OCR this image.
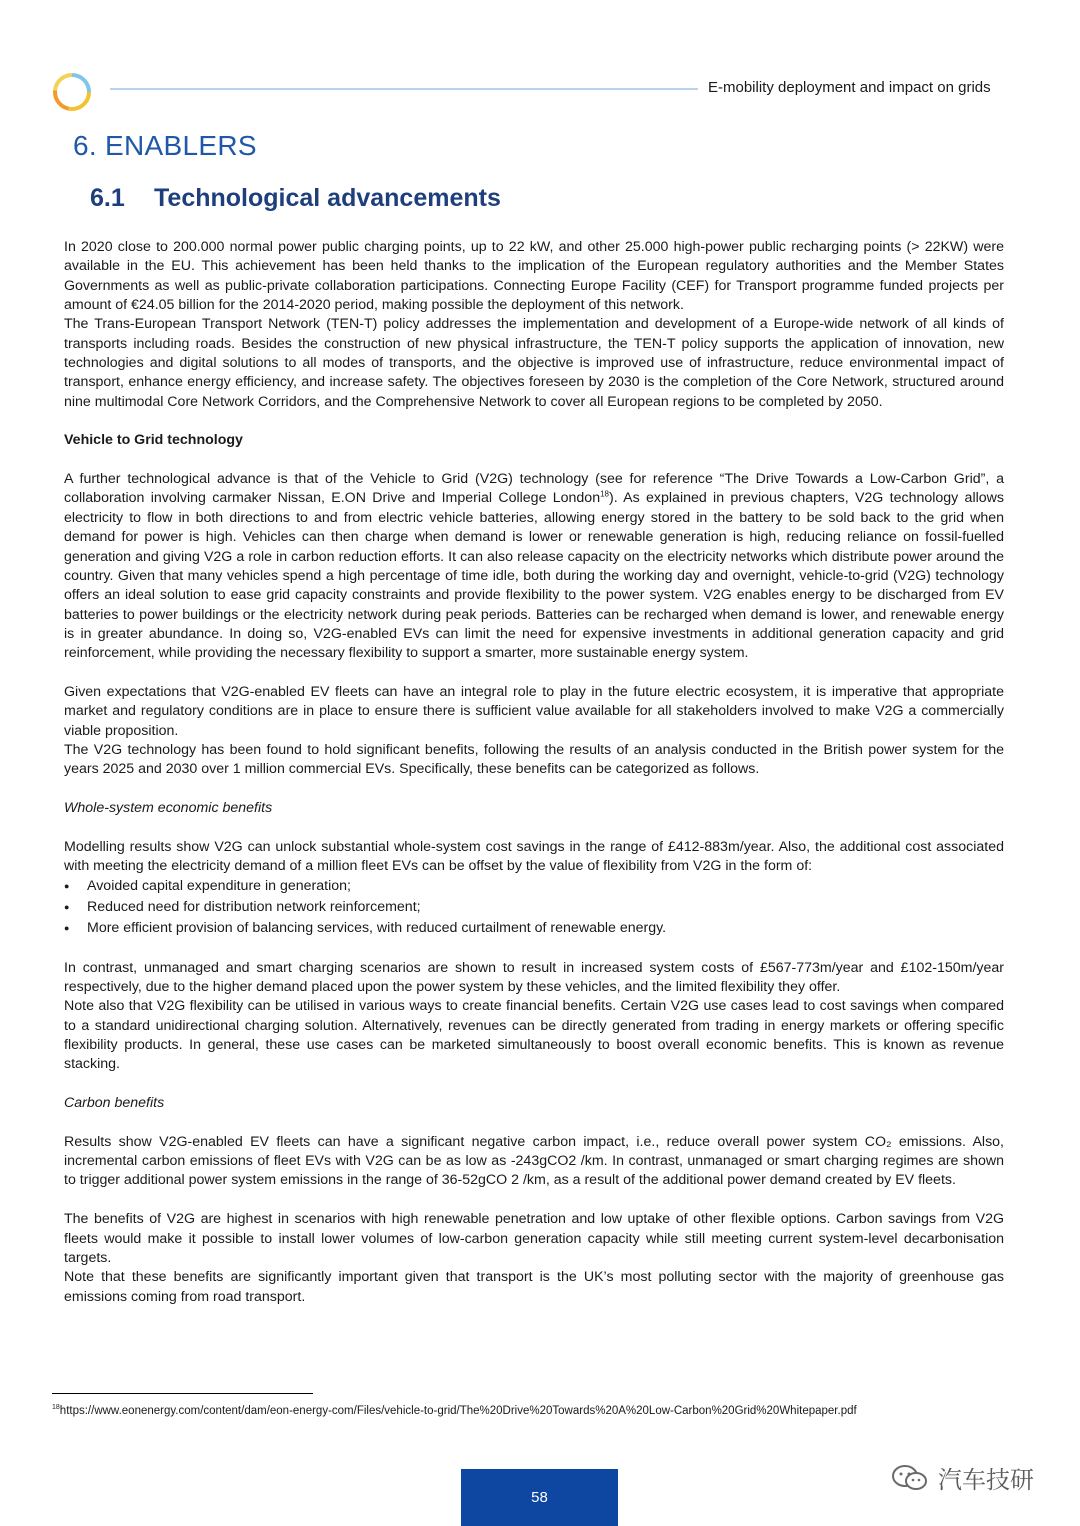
E-mobility deployment and impact on grids
6. ENABLERS
6.1 Technological advancements

In 2020 close to 200.000 normal power public charging points, up to 22 kW, and other 25.000 high-power public recharging points (> 22KW) were available in the EU. This achievement has been held thanks to the implication of the European regulatory authorities and the Member States Governments as well as public-private collaboration participations. Connecting Europe Facility (CEF) for Transport programme funded projects per amount of €24.05 billion for the 2014-2020 period, making possible the deployment of this network.

The Trans-European Transport Network (TEN-T) policy addresses the implementation and development of a Europe-wide network of all kinds of transports including roads. Besides the construction of new physical infrastructure, the TEN-T policy supports the application of innovation, new technologies and digital solutions to all modes of transports, and the objective is improved use of infrastructure, reduce environmental impact of transport, enhance energy efficiency, and increase safety. The objectives foreseen by 2030 is the completion of the Core Network, structured around nine multimodal Core Network Corridors, and the Comprehensive Network to cover all European regions to be completed by 2050.

Vehicle to Grid technology

A further technological advance is that of the Vehicle to Grid (V2G) technology (see for reference “The Drive Towards a Low-Carbon Grid”, a collaboration involving carmaker Nissan, E.ON Drive and Imperial College London$^{18}$). As explained in previous chapters, V2G technology allows electricity to flow in both directions to and from electric vehicle batteries, allowing energy stored in the battery to be sold back to the grid when demand for power is high. Vehicles can then charge when demand is lower or renewable generation is high, reducing reliance on fossil-fuelled generation and giving V2G a role in carbon reduction efforts. It can also release capacity on the electricity networks which distribute power around the country. Given that many vehicles spend a high percentage of time idle, both during the working day and overnight, vehicle-to-grid (V2G) technology offers an ideal solution to ease grid capacity constraints and provide flexibility to the power system. V2G enables energy to be discharged from EV batteries to power buildings or the electricity network during peak periods. Batteries can be recharged when demand is lower, and renewable energy is in greater abundance. In doing so, V2G-enabled EVs can limit the need for expensive investments in additional generation capacity and grid reinforcement, while providing the necessary flexibility to support a smarter, more sustainable energy system.

Given expectations that V2G-enabled EV fleets can have an integral role to play in the future electric ecosystem, it is imperative that appropriate market and regulatory conditions are in place to ensure there is sufficient value available for all stakeholders involved to make V2G a commercially viable proposition.

The V2G technology has been found to hold significant benefits, following the results of an analysis conducted in the British power system for the years 2025 and 2030 over 1 million commercial EVs. Specifically, these benefits can be categorized as follows.

Whole-system economic benefits

Modelling results show V2G can unlock substantial whole-system cost savings in the range of £412-883m/year. Also, the additional cost associated with meeting the electricity demand of a million fleet EVs can be offset by the value of flexibility from V2G in the form of:

● Avoided capital expenditure in generation;
● Reduced need for distribution network reinforcement;
● More efficient provision of balancing services, with reduced curtailment of renewable energy.

In contrast, unmanaged and smart charging scenarios are shown to result in increased system costs of £567-773m/year and £102-150m/year respectively, due to the higher demand placed upon the power system by these vehicles, and the limited flexibility they offer.

Note also that V2G flexibility can be utilised in various ways to create financial benefits. Certain V2G use cases lead to cost savings when compared to a standard unidirectional charging solution. Alternatively, revenues can be directly generated from trading in energy markets or offering specific flexibility products. In general, these use cases can be marketed simultaneously to boost overall economic benefits. This is known as revenue stacking.

Carbon benefits

Results show V2G-enabled EV fleets can have a significant negative carbon impact, i.e., reduce overall power system CO₂ emissions. Also, incremental carbon emissions of fleet EVs with V2G can be as low as -243gCO2 /km. In contrast, unmanaged or smart charging regimes are shown to trigger additional power system emissions in the range of 36-52gCO 2 /km, as a result of the additional power demand created by EV fleets.

The benefits of V2G are highest in scenarios with high renewable penetration and low uptake of other flexible options. Carbon savings from V2G fleets would make it possible to install lower volumes of low-carbon generation capacity while still meeting current system-level decarbonisation targets.

Note that these benefits are significantly important given that transport is the UK’s most polluting sector with the majority of greenhouse gas emissions coming from road transport.

$^{18}$https://www.eonenergy.com/content/dam/eon-energy-com/Files/vehicle-to-grid/The%20Drive%20Towards%20A%20Low-Carbon%20Grid%20Whitepaper.pdf
58
汽车技研
